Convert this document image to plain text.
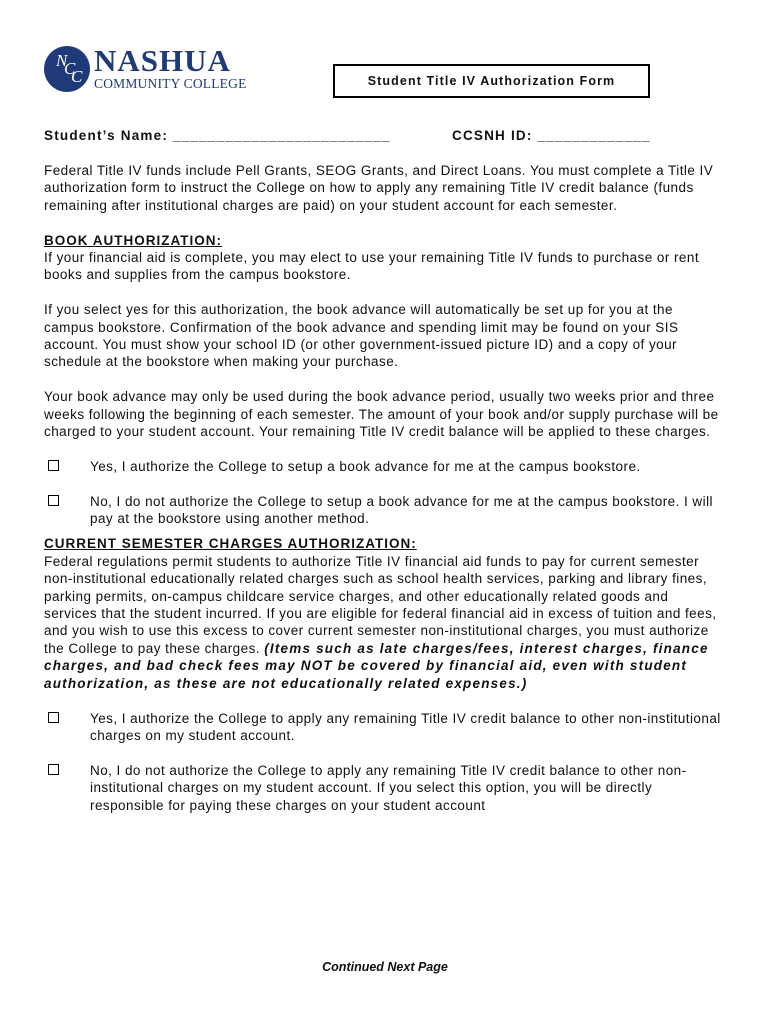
N
C
C NASHUA
COMMUNITY COLLEGE	Student Title IV Authorization Form
Student’s Name: _________________________	CCSNH ID: _____________

Federal Title IV funds include Pell Grants, SEOG Grants, and Direct Loans. You must complete a Title IV authorization form to instruct the College on how to apply any remaining Title IV credit balance (funds remaining after institutional charges are paid) on your student account for each semester.

BOOK AUTHORIZATION:

If your financial aid is complete, you may elect to use your remaining Title IV funds to purchase or rent books and supplies from the campus bookstore.

If you select yes for this authorization, the book advance will automatically be set up for you at the campus bookstore. Confirmation of the book advance and spending limit may be found on your SIS account. You must show your school ID (or other government-issued picture ID) and a copy of your schedule at the bookstore when making your purchase.

Your book advance may only be used during the book advance period, usually two weeks prior and three weeks following the beginning of each semester. The amount of your book and/or supply purchase will be charged to your student account. Your remaining Title IV credit balance will be applied to these charges.

Yes, I authorize the College to setup a book advance for me at the campus bookstore.
No, I do not authorize the College to setup a book advance for me at the campus bookstore. I will pay at the bookstore using another method.

CURRENT SEMESTER CHARGES AUTHORIZATION:

Federal regulations permit students to authorize Title IV financial aid funds to pay for current semester non-institutional educationally related charges such as school health services, parking and library fines, parking permits, on-campus childcare service charges, and other educationally related goods and services that the student incurred. If you are eligible for federal financial aid in excess of tuition and fees, and you wish to use this excess to cover current semester non-institutional charges, you must authorize the College to pay these charges. (Items such as late charges/fees, interest charges, finance charges, and bad check fees may NOT be covered by financial aid, even with student authorization, as these are not educationally related expenses.)

Yes, I authorize the College to apply any remaining Title IV credit balance to other non-institutional charges on my student account.
No, I do not authorize the College to apply any remaining Title IV credit balance to other non-institutional charges on my student account. If you select this option, you will be directly responsible for paying these charges on your student account
Continued Next Page
